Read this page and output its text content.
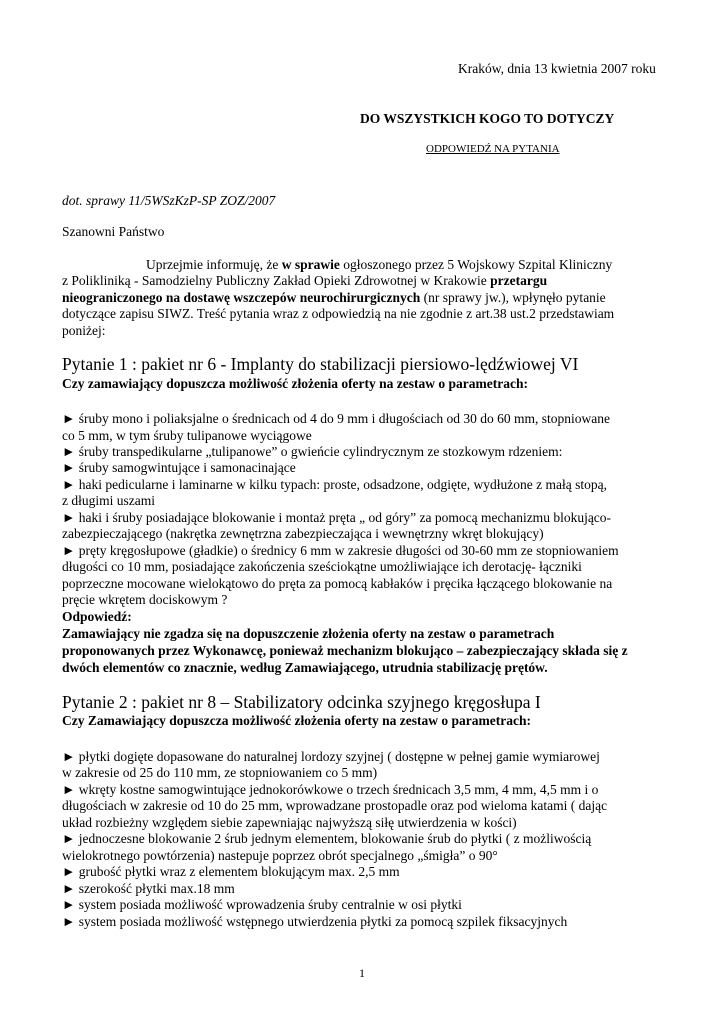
Kraków, dnia 13 kwietnia 2007 roku
DO WSZYSTKICH KOGO TO DOTYCZY
ODPOWIEDŹ NA PYTANIA
dot. sprawy 11/5WSzKzP-SP ZOZ/2007
Szanowni Państwo
Uprzejmie informuję, że w sprawie ogłoszonego przez 5 Wojskowy Szpital Kliniczny
z Polikliniką - Samodzielny Publiczny Zakład Opieki Zdrowotnej w Krakowie przetargu
nieograniczonego na dostawę wszczepów neurochirurgicznych (nr sprawy jw.), wpłynęło pytanie
dotyczące zapisu SIWZ. Treść pytania wraz z odpowiedzią na nie zgodnie z art.38 ust.2 przedstawiam
poniżej:
Pytanie 1 : pakiet nr 6 - Implanty do stabilizacji piersiowo-lędźwiowej VI
Czy zamawiający dopuszcza możliwość złożenia oferty na zestaw o parametrach:
► śruby mono i poliaksjalne o średnicach od 4 do 9 mm i długościach od 30 do 60 mm, stopniowane
co 5 mm, w tym śruby tulipanowe wyciągowe
► śruby transpedikularne „tulipanowe” o gwieńcie cylindrycznym ze stozkowym rdzeniem:
► śruby samogwintujące i samonacinające
► haki pedicularne i laminarne w kilku typach: proste, odsadzone, odgięte, wydłużone z małą stopą,
z długimi uszami
► haki i śruby posiadające blokowanie i montaż pręta „ od góry” za pomocą mechanizmu blokująco-
zabezpieczającego (nakrętka zewnętrzna zabezpieczająca i wewnętrzny wkręt blokujący)
► pręty kręgosłupowe (gładkie) o średnicy 6 mm w zakresie długości od 30-60 mm ze stopniowaniem
długości co 10 mm, posiadające zakończenia sześciokątne umożliwiające ich derotację- łączniki
poprzeczne mocowane wielokątowo do pręta za pomocą kabłaków i pręcika łączącego blokowanie na
pręcie wkrętem dociskowym ?
Odpowiedź:
Zamawiający nie zgadza się na dopuszczenie złożenia oferty na zestaw o parametrach
proponowanych przez Wykonawcę, ponieważ mechanizm blokująco – zabezpieczający składa się z
dwóch elementów co znacznie, według Zamawiającego, utrudnia stabilizację prętów.
Pytanie 2 : pakiet nr 8 – Stabilizatory odcinka szyjnego kręgosłupa I
Czy Zamawiający dopuszcza możliwość złożenia oferty na zestaw o parametrach:
► płytki dogięte dopasowane do naturalnej lordozy szyjnej ( dostępne w pełnej gamie wymiarowej
w zakresie od 25 do 110 mm, ze stopniowaniem co 5 mm)
► wkręty kostne samogwintujące jednokorówkowe o trzech średnicach 3,5 mm, 4 mm, 4,5 mm i o
długościach w zakresie od 10 do 25 mm, wprowadzane prostopadle oraz pod wieloma katami ( dając
układ rozbieżny względem siebie zapewniając najwyższą siłę utwierdzenia w kości)
► jednoczesne blokowanie 2 śrub jednym elementem, blokowanie śrub do płytki ( z możliwością
wielokrotnego powtórzenia) nastepuje poprzez obrót specjalnego „śmigła” o 90°
► grubość płytki wraz z elementem blokującym max. 2,5 mm
► szerokość płytki max.18 mm
► system posiada możliwość wprowadzenia śruby centralnie w osi płytki
► system posiada możliwość wstępnego utwierdzenia płytki za pomocą szpilek fiksacyjnych
1
